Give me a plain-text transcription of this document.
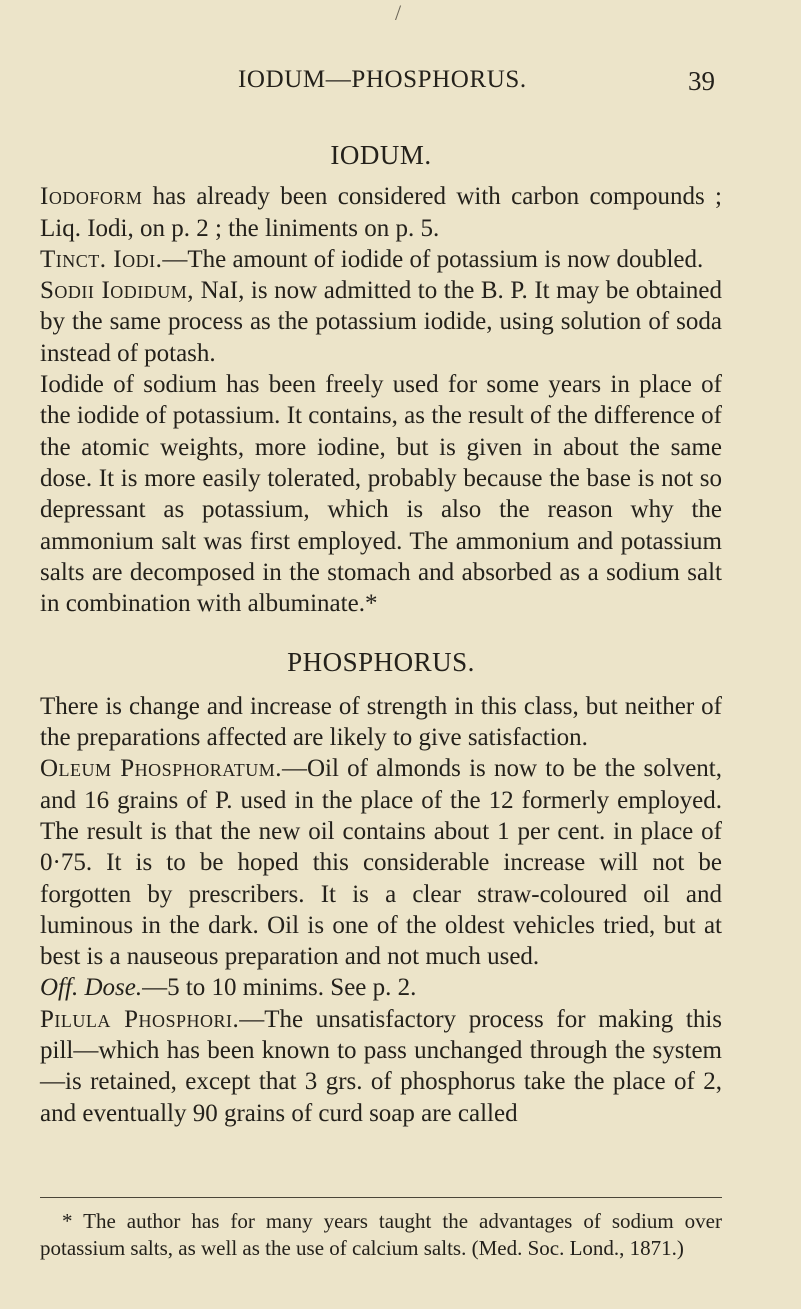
/
IODUM—PHOSPHORUS.	39
IODUM.

Iodoform has already been considered with carbon compounds ; Liq. Iodi, on p. 2 ; the liniments on p. 5.

Tinct. Iodi.—The amount of iodide of potassium is now doubled.

Sodii Iodidum, NaI, is now admitted to the B. P. It may be obtained by the same process as the potassium iodide, using solution of soda instead of potash.

Iodide of sodium has been freely used for some years in place of the iodide of potassium. It contains, as the result of the difference of the atomic weights, more iodine, but is given in about the same dose. It is more easily tolerated, probably because the base is not so depressant as potassium, which is also the reason why the ammonium salt was first employed. The ammonium and potassium salts are decomposed in the stomach and absorbed as a sodium salt in combination with albuminate.*

PHOSPHORUS.

There is change and increase of strength in this class, but neither of the preparations affected are likely to give satisfaction.

Oleum Phosphoratum.—Oil of almonds is now to be the solvent, and 16 grains of P. used in the place of the 12 formerly employed. The result is that the new oil contains about 1 per cent. in place of 0·75. It is to be hoped this considerable increase will not be forgotten by prescribers. It is a clear straw-coloured oil and luminous in the dark. Oil is one of the oldest vehicles tried, but at best is a nauseous preparation and not much used.

Off. Dose.—5 to 10 minims. See p. 2.

Pilula Phosphori.—The unsatisfactory process for making this pill—which has been known to pass unchanged through the system—is retained, except that 3 grs. of phosphorus take the place of 2, and eventually 90 grains of curd soap are called

* The author has for many years taught the advantages of sodium over potassium salts, as well as the use of calcium salts. (Med. Soc. Lond., 1871.)
